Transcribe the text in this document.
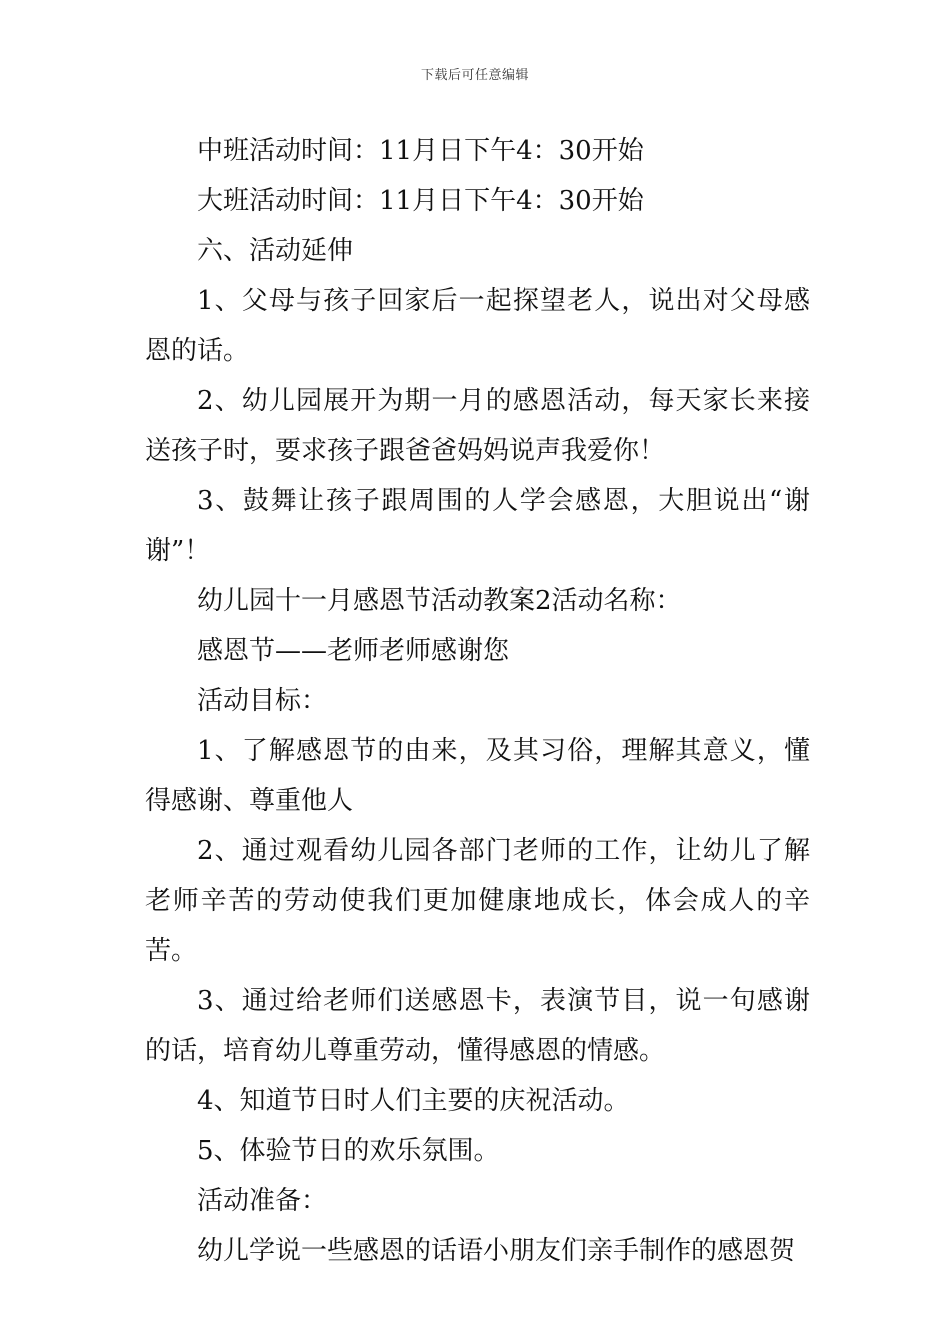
下载后可任意编辑

中班活动时间：11月日下午4：30开始

大班活动时间：11月日下午4：30开始

六、活动延伸

1、父母与孩子回家后一起探望老人，说出对父母感恩的话。

2、幼儿园展开为期一月的感恩活动，每天家长来接送孩子时，要求孩子跟爸爸妈妈说声我爱你！

3、鼓舞让孩子跟周围的人学会感恩，大胆说出“谢谢”！

幼儿园十一月感恩节活动教案2活动名称：

感恩节——老师老师感谢您

活动目标：

1、了解感恩节的由来，及其习俗，理解其意义，懂得感谢、尊重他人

2、通过观看幼儿园各部门老师的工作，让幼儿了解老师辛苦的劳动使我们更加健康地成长，体会成人的辛苦。

3、通过给老师们送感恩卡，表演节目，说一句感谢的话，培育幼儿尊重劳动，懂得感恩的情感。

4、知道节日时人们主要的庆祝活动。

5、体验节日的欢乐氛围。

活动准备：

幼儿学说一些感恩的话语小朋友们亲手制作的感恩贺
